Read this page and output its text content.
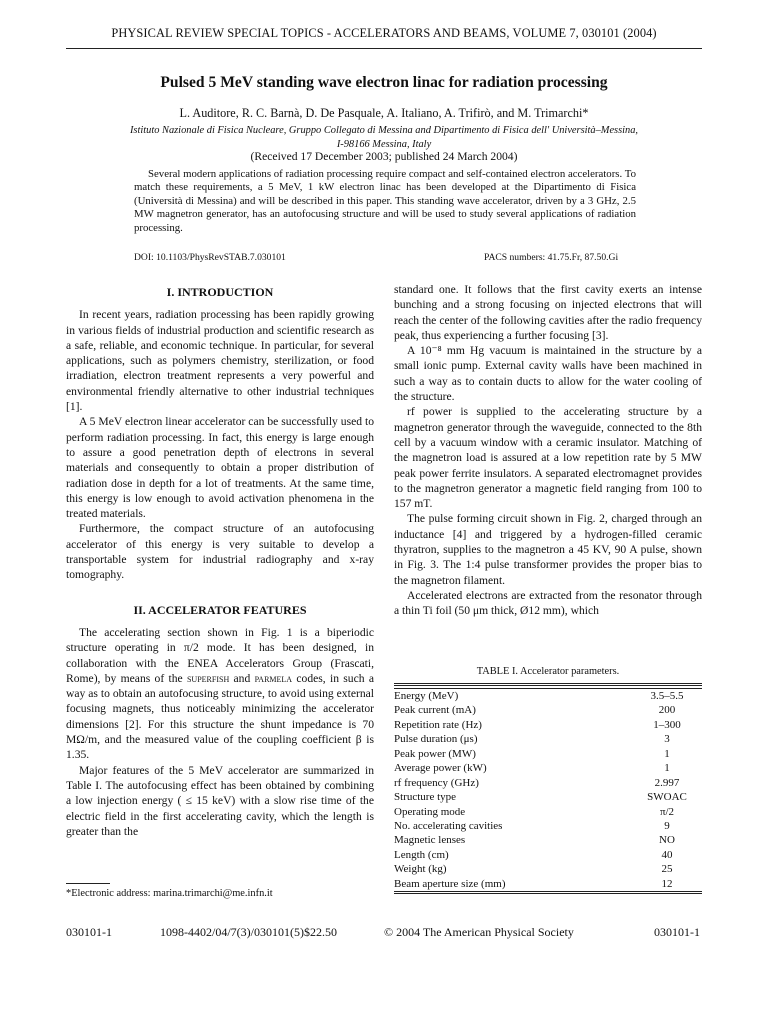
PHYSICAL REVIEW SPECIAL TOPICS - ACCELERATORS AND BEAMS, VOLUME 7, 030101 (2004)
Pulsed 5 MeV standing wave electron linac for radiation processing
L. Auditore, R. C. Barnà, D. De Pasquale, A. Italiano, A. Trifirò, and M. Trimarchi*
Istituto Nazionale di Fisica Nucleare, Gruppo Collegato di Messina and Dipartimento di Fisica dell' Università–Messina,
I-98166 Messina, Italy
(Received 17 December 2003; published 24 March 2004)
Several modern applications of radiation processing require compact and self-contained electron accelerators. To match these requirements, a 5 MeV, 1 kW electron linac has been developed at the Dipartimento di Fisica (Università di Messina) and will be described in this paper. This standing wave accelerator, driven by a 3 GHz, 2.5 MW magnetron generator, has an autofocusing structure and will be used to study several applications of radiation processing.
DOI: 10.1103/PhysRevSTAB.7.030101	PACS numbers: 41.75.Fr, 87.50.Gi
I. INTRODUCTION

In recent years, radiation processing has been rapidly growing in various fields of industrial production and scientific research as a safe, reliable, and economic technique. In particular, for several applications, such as polymers chemistry, sterilization, or food irradiation, electron treatment represents a very powerful and environmental friendly alternative to other industrial techniques [1].

A 5 MeV electron linear accelerator can be successfully used to perform radiation processing. In fact, this energy is large enough to assure a good penetration depth of electrons in several materials and consequently to obtain a proper distribution of radiation dose in depth for a lot of treatments. At the same time, this energy is low enough to avoid activation phenomena in the treated materials.

Furthermore, the compact structure of an autofocusing accelerator of this energy is very suitable to develop a transportable system for industrial radiography and x-ray tomography.

II. ACCELERATOR FEATURES

The accelerating section shown in Fig. 1 is a biperiodic structure operating in π/2 mode. It has been designed, in collaboration with the ENEA Accelerators Group (Frascati, Rome), by means of the superfish and parmela codes, in such a way as to obtain an autofocusing structure, to avoid using external focusing magnets, thus noticeably minimizing the accelerator dimensions [2]. For this structure the shunt impedance is 70 MΩ/m, and the measured value of the coupling coefficient β is 1.35.

Major features of the 5 MeV accelerator are summarized in Table I. The autofocusing effect has been obtained by combining a low injection energy ( ≤ 15 keV) with a slow rise time of the electric field in the first accelerating cavity, which the length is greater than the

standard one. It follows that the first cavity exerts an intense bunching and a strong focusing on injected electrons that will reach the center of the following cavities after the radio frequency peak, thus experiencing a further focusing [3].

A 10⁻⁸ mm Hg vacuum is maintained in the structure by a small ionic pump. External cavity walls have been machined in such a way as to contain ducts to allow for the water cooling of the structure.

rf power is supplied to the accelerating structure by a magnetron generator through the waveguide, connected to the 8th cell by a vacuum window with a ceramic insulator. Matching of the magnetron load is assured at a low repetition rate by 5 MW peak power ferrite insulators. A separated electromagnet provides to the magnetron generator a magnetic field ranging from 100 to 157 mT.

The pulse forming circuit shown in Fig. 2, charged through an inductance [4] and triggered by a hydrogen-filled ceramic thyratron, supplies to the magnetron a 45 KV, 90 A pulse, shown in Fig. 3. The 1:4 pulse transformer provides the proper bias to the magnetron filament.

Accelerated electrons are extracted from the resonator through a thin Ti foil (50 μm thick, Ø12 mm), which

*Electronic address: marina.trimarchi@me.infn.it
TABLE I. Accelerator parameters.
Energy (MeV)	3.5–5.5
Peak current (mA)	200
Repetition rate (Hz)	1–300
Pulse duration (μs)	3
Peak power (MW)	1
Average power (kW)	1
rf frequency (GHz)	2.997
Structure type	SWOAC
Operating mode	π/2
No. accelerating cavities	9
Magnetic lenses	NO
Length (cm)	40
Weight (kg)	25
Beam aperture size (mm)	12
030101-1	1098-4402/04/7(3)/030101(5)$22.50	© 2004 The American Physical Society	030101-1
